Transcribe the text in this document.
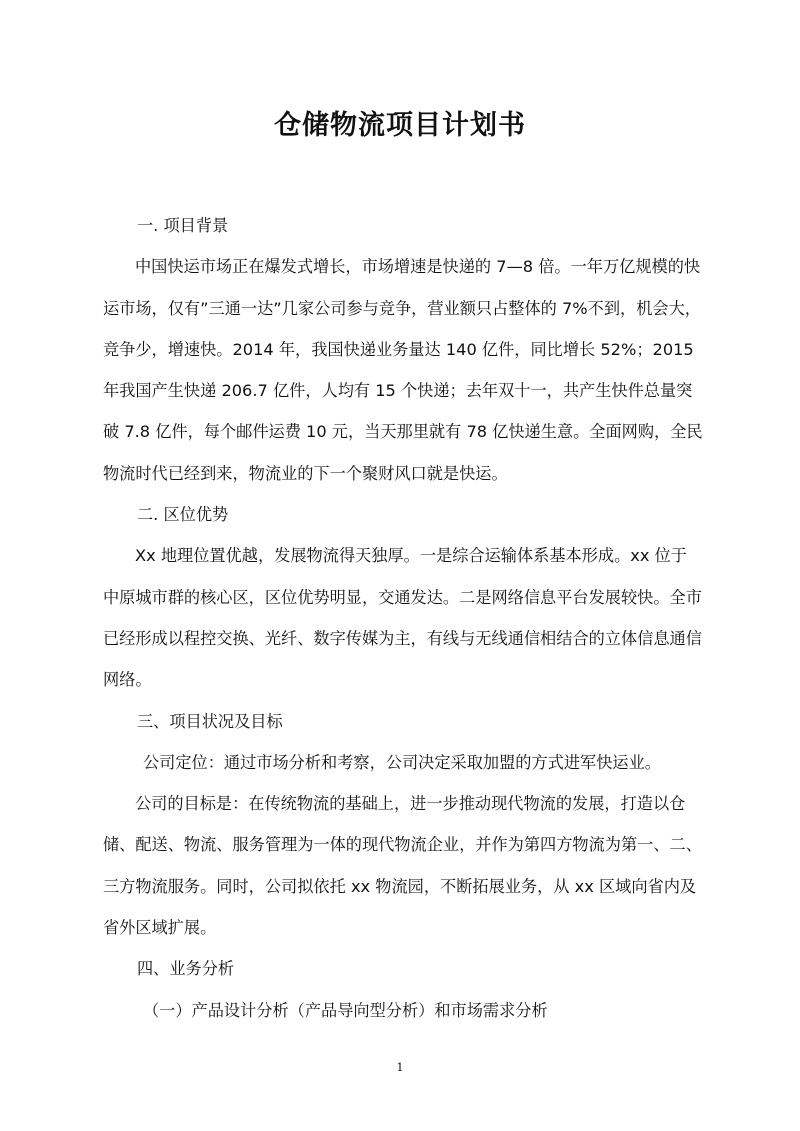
仓储物流项目计划书

一. 项目背景

中国快运市场正在爆发式增长，市场增速是快递的 7—8 倍。一年万亿规模的快运市场，仅有”三通一达”几家公司参与竞争，营业额只占整体的 7%不到，机会大，竞争少，增速快。2014 年，我国快递业务量达 140 亿件，同比增长 52%；2015 年我国产生快递 206.7 亿件，人均有 15 个快递；去年双十一，共产生快件总量突破 7.8 亿件，每个邮件运费 10 元，当天那里就有 78 亿快递生意。全面网购，全民物流时代已经到来，物流业的下一个聚财风口就是快运。

二. 区位优势

Xx 地理位置优越，发展物流得天独厚。一是综合运输体系基本形成。xx 位于中原城市群的核心区，区位优势明显，交通发达。二是网络信息平台发展较快。全市已经形成以程控交换、光纤、数字传媒为主，有线与无线通信相结合的立体信息通信网络。

三、项目状况及目标

公司定位：通过市场分析和考察，公司决定采取加盟的方式进军快运业。

公司的目标是：在传统物流的基础上，进一步推动现代物流的发展，打造以仓储、配送、物流、服务管理为一体的现代物流企业，并作为第四方物流为第一、二、三方物流服务。同时，公司拟依托 xx 物流园，不断拓展业务，从 xx 区域向省内及省外区域扩展。

四、业务分析

（一）产品设计分析（产品导向型分析）和市场需求分析

1
